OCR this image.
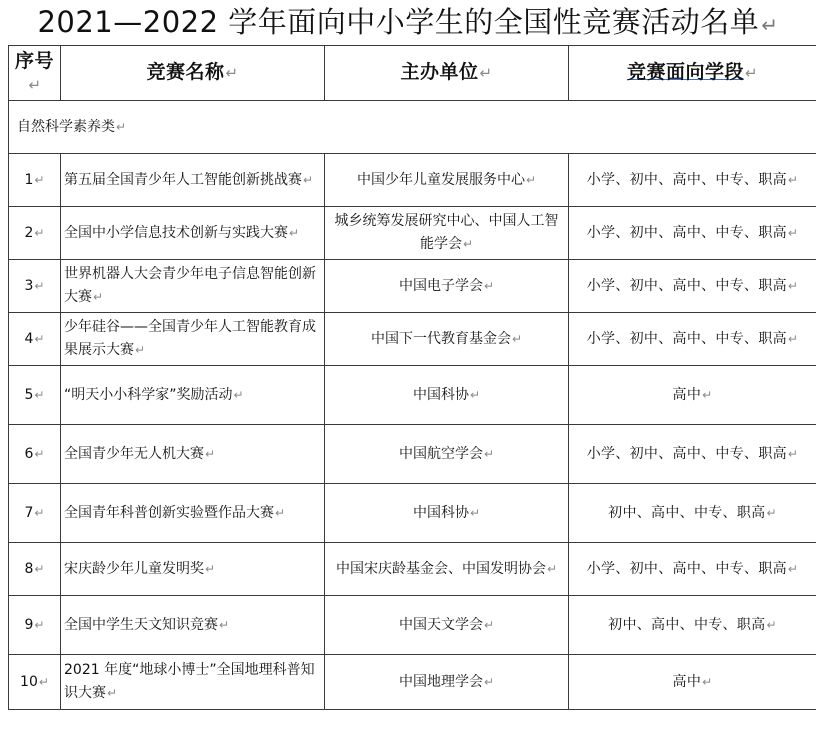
2021—2022 学年面向中小学生的全国性竞赛活动名单 ↵
序号↵	竞赛名称↵	主办单位↵	竞赛面向学段↵
自然科学素养类↵			
1↵	第五届全国青少年人工智能创新挑战赛↵	中国少年儿童发展服务中心↵	小学、初中、高中、中专、职高↵
2↵	全国中小学信息技术创新与实践大赛↵	城乡统筹发展研究中心、中国人工智能学会↵	小学、初中、高中、中专、职高↵
3↵	世界机器人大会青少年电子信息智能创新大赛↵	中国电子学会↵	小学、初中、高中、中专、职高↵
4↵	少年硅谷——全国青少年人工智能教育成果展示大赛↵	中国下一代教育基金会↵	小学、初中、高中、中专、职高↵
5↵	“明天小小科学家”奖励活动↵	中国科协↵	高中↵
6↵	全国青少年无人机大赛↵	中国航空学会↵	小学、初中、高中、中专、职高↵
7↵	全国青年科普创新实验暨作品大赛↵	中国科协↵	初中、高中、中专、职高↵
8↵	宋庆龄少年儿童发明奖↵	中国宋庆龄基金会、中国发明协会↵	小学、初中、高中、中专、职高↵
9↵	全国中学生天文知识竞赛↵	中国天文学会↵	初中、高中、中专、职高↵
10↵	2021 年度“地球小博士”全国地理科普知识大赛↵	中国地理学会↵	高中↵
